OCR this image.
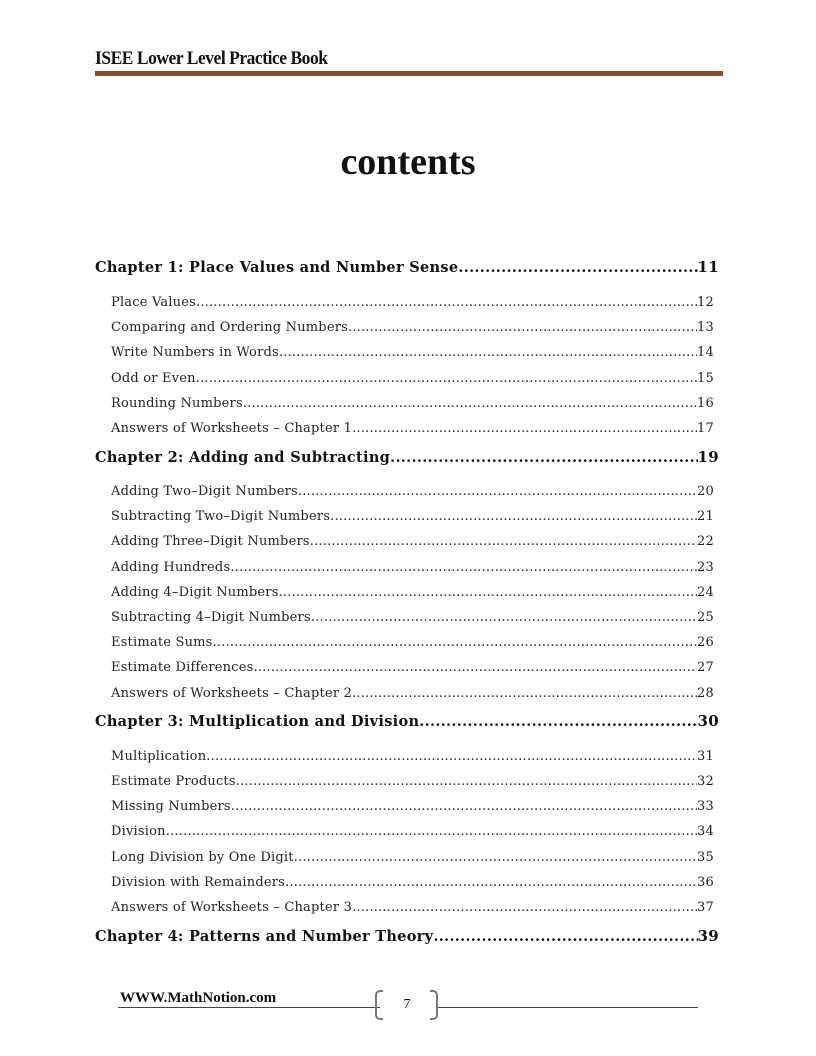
ISEE Lower Level Practice Book
contents
Chapter 1: Place Values and Number Sense .....	11
Place Values .....	12
Comparing and Ordering Numbers .....	13
Write Numbers in Words .....	14
Odd or Even .....	15
Rounding Numbers .....	16
Answers of Worksheets – Chapter 1 .....	17
Chapter 2: Adding and Subtracting .....	19
Adding Two–Digit Numbers .....	20
Subtracting Two–Digit Numbers .....	21
Adding Three–Digit Numbers .....	22
Adding Hundreds .....	23
Adding 4–Digit Numbers .....	24
Subtracting 4–Digit Numbers .....	25
Estimate Sums .....	26
Estimate Differences .....	27
Answers of Worksheets – Chapter 2 .....	28
Chapter 3: Multiplication and Division .....	30
Multiplication .....	31
Estimate Products .....	32
Missing Numbers .....	33
Division .....	34
Long Division by One Digit .....	35
Division with Remainders .....	36
Answers of Worksheets – Chapter 3 .....	37
Chapter 4: Patterns and Number Theory .....	39
WWW.MathNotion.com	7
